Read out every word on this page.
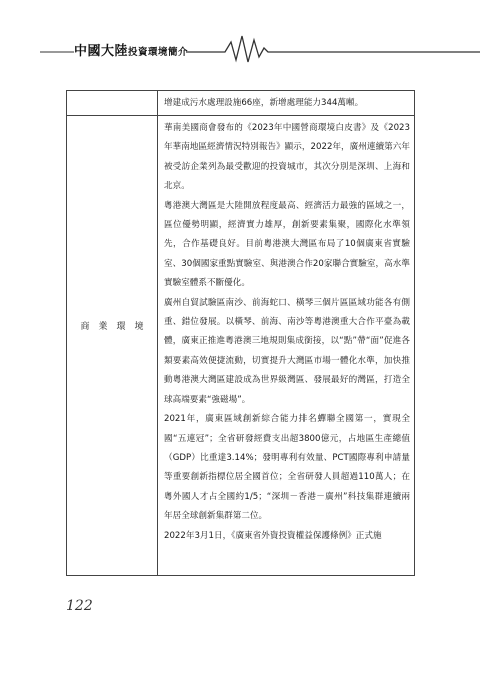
中國大陸投資環境簡介
增建成污水處理設施66座，新增處理能力344萬噸。
商業環境

華南美國商會發布的《2023年中國營商環境白皮書》及《2023年華南地區經濟情況特別報告》顯示，2022年，廣州連續第六年被受訪企業列為最受歡迎的投資城市，其次分別是深圳、上海和北京。

粵港澳大灣區是大陸開放程度最高、經濟活力最強的區域之一，區位優勢明顯，經濟實力雄厚，創新要素集聚，國際化水準領先，合作基礎良好。目前粵港澳大灣區布局了10個廣東省實驗室、30個國家重點實驗室、與港澳合作20家聯合實驗室，高水準實驗室體系不斷優化。

廣州自貿試驗區南沙、前海蛇口、橫琴三個片區區域功能各有側重、錯位發展。以橫琴、前海、南沙等粵港澳重大合作平臺為載體，廣東正推進粵港澳三地規則集成銜接，以“點”帶“面”促進各類要素高效便捷流動，切實提升大灣區市場一體化水準，加快推動粵港澳大灣區建設成為世界級灣區、發展最好的灣區，打造全球高端要素“強磁場”。

2021年，廣東區域創新綜合能力排名蟬聯全國第一，實現全國“五連冠”；全省研發經費支出超3800億元，占地區生產總值（GDP）比重達3.14%；發明專利有效量、PCT國際專利申請量等重要創新指標位居全國首位；全省研發人員超過110萬人；在粵外國人才占全國約1/5；“深圳－香港－廣州”科技集群連續兩年居全球創新集群第二位。

2022年3月1日，《廣東省外資投資權益保護條例》正式施

122
